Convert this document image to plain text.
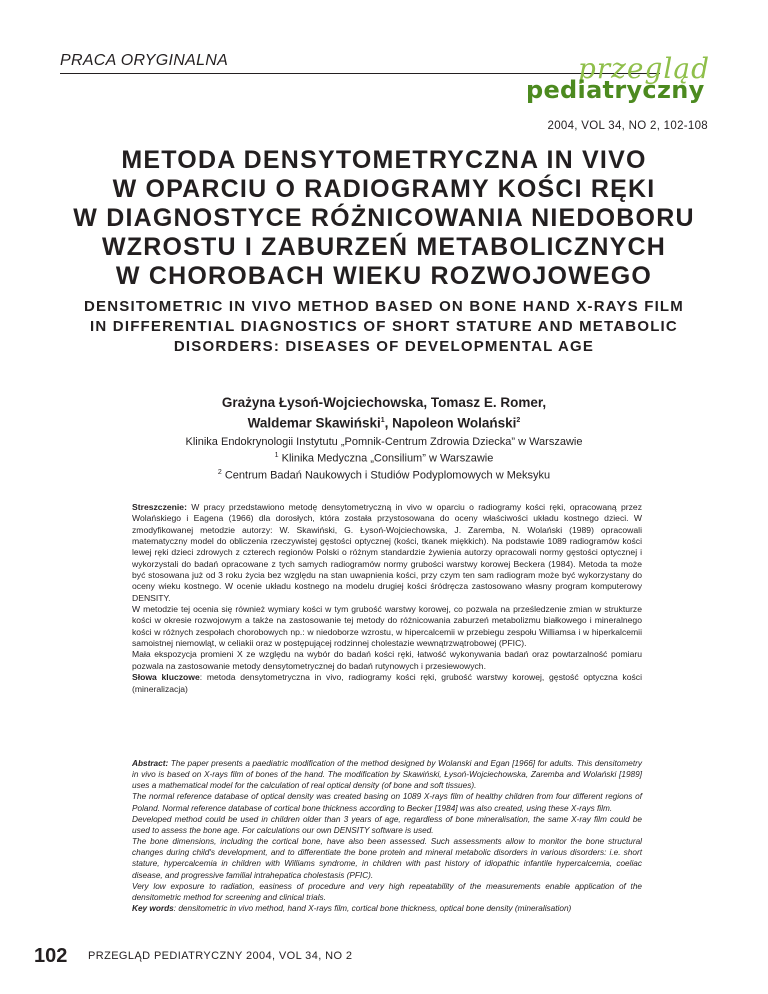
PRACA ORYGINALNA	przegląd
pediatryczny
2004, VOL 34, NO 2, 102-108
METODA DENSYTOMETRYCZNA IN VIVO
W OPARCIU O RADIOGRAMY KOŚCI RĘKI
W DIAGNOSTYCE RÓŻNICOWANIA NIEDOBORU
WZROSTU I ZABURZEŃ METABOLICZNYCH
W CHOROBACH WIEKU ROZWOJOWEGO
DENSITOMETRIC IN VIVO METHOD BASED ON BONE HAND X-RAYS FILM
IN DIFFERENTIAL DIAGNOSTICS OF SHORT STATURE AND METABOLIC
DISORDERS: DISEASES OF DEVELOPMENTAL AGE
Grażyna Łysoń-Wojciechowska, Tomasz E. Romer,
Waldemar Skawiński$^1$, Napoleon Wolański$^2$
Klinika Endokrynologii Instytutu „Pomnik-Centrum Zdrowia Dziecka” w Warszawie
$^1$ Klinika Medyczna „Consilium” w Warszawie
$^2$ Centrum Badań Naukowych i Studiów Podyplomowych w Meksyku

Streszczenie: W pracy przedstawiono metodę densytometryczną in vivo w oparciu o radiogramy kości ręki, opracowaną przez Wolańskiego i Eagena (1966) dla dorosłych, która została przystosowana do oceny właściwości układu kostnego dzieci. W zmodyfikowanej metodzie autorzy: W. Skawiński, G. Łysoń-Wojciechowska, J. Zaremba, N. Wolański (1989) opracowali matematyczny model do obliczenia rzeczywistej gęstości optycznej (kości, tkanek miękkich). Na podstawie 1089 radiogramów kości lewej ręki dzieci zdrowych z czterech regionów Polski o różnym standardzie żywienia autorzy opracowali normy gęstości optycznej i wykorzystali do badań opracowane z tych samych radiogramów normy grubości warstwy korowej Beckera (1984). Metoda ta może być stosowana już od 3 roku życia bez względu na stan uwapnienia kości, przy czym ten sam radiogram może być wykorzystany do oceny wieku kostnego. W ocenie układu kostnego na modelu drugiej kości śródręcza zastosowano własny program komputerowy DENSITY.

W metodzie tej ocenia się również wymiary kości w tym grubość warstwy korowej, co pozwala na prześledzenie zmian w strukturze kości w okresie rozwojowym a także na zastosowanie tej metody do różnicowania zaburzeń metabolizmu białkowego i mineralnego kości w różnych zespołach chorobowych np.: w niedoborze wzrostu, w hipercalcemii w przebiegu zespołu Williamsa i w hiperkalcemii samoistnej niemowląt, w celiakii oraz w postępującej rodzinnej cholestazie wewnątrzwątrobowej (PFIC).

Mała ekspozycja promieni X ze względu na wybór do badań kości ręki, łatwość wykonywania badań oraz powtarzalność pomiaru pozwala na zastosowanie metody densytometrycznej do badań rutynowych i przesiewowych.

Słowa kluczowe: metoda densytometryczna in vivo, radiogramy kości ręki, grubość warstwy korowej, gęstość optyczna kości (mineralizacja)

Abstract: The paper presents a paediatric modification of the method designed by Wolanski and Egan [1966] for adults. This densitometry in vivo is based on X-rays film of bones of the hand. The modification by Skawiński, Łysoń-Wojciechowska, Zaremba and Wolański [1989] uses a mathematical model for the calculation of real optical density (of bone and soft tissues).

The normal reference database of optical density was created basing on 1089 X-rays film of healthy children from four different regions of Poland. Normal reference database of cortical bone thickness according to Becker [1984] was also created, using these X-rays film.

Developed method could be used in children older than 3 years of age, regardless of bone mineralisation, the same X-ray film could be used to assess the bone age. For calculations our own DENSITY software is used.

The bone dimensions, including the cortical bone, have also been assessed. Such assessments allow to monitor the bone structural changes during child's development, and to differentiate the bone protein and mineral metabolic disorders in various disorders: i.e. short stature, hypercalcemia in children with Williams syndrome, in children with past history of idiopathic infantile hypercalcemia, coeliac disease, and progressive familial intrahepatica cholestasis (PFIC).

Very low exposure to radiation, easiness of procedure and very high repeatability of the measurements enable application of the densitometric method for screening and clinical trials.

Key words: densitometric in vivo method, hand X-rays film, cortical bone thickness, optical bone density (mineralisation)

102 PRZEGLĄD PEDIATRYCZNY 2004, VOL 34, NO 2
